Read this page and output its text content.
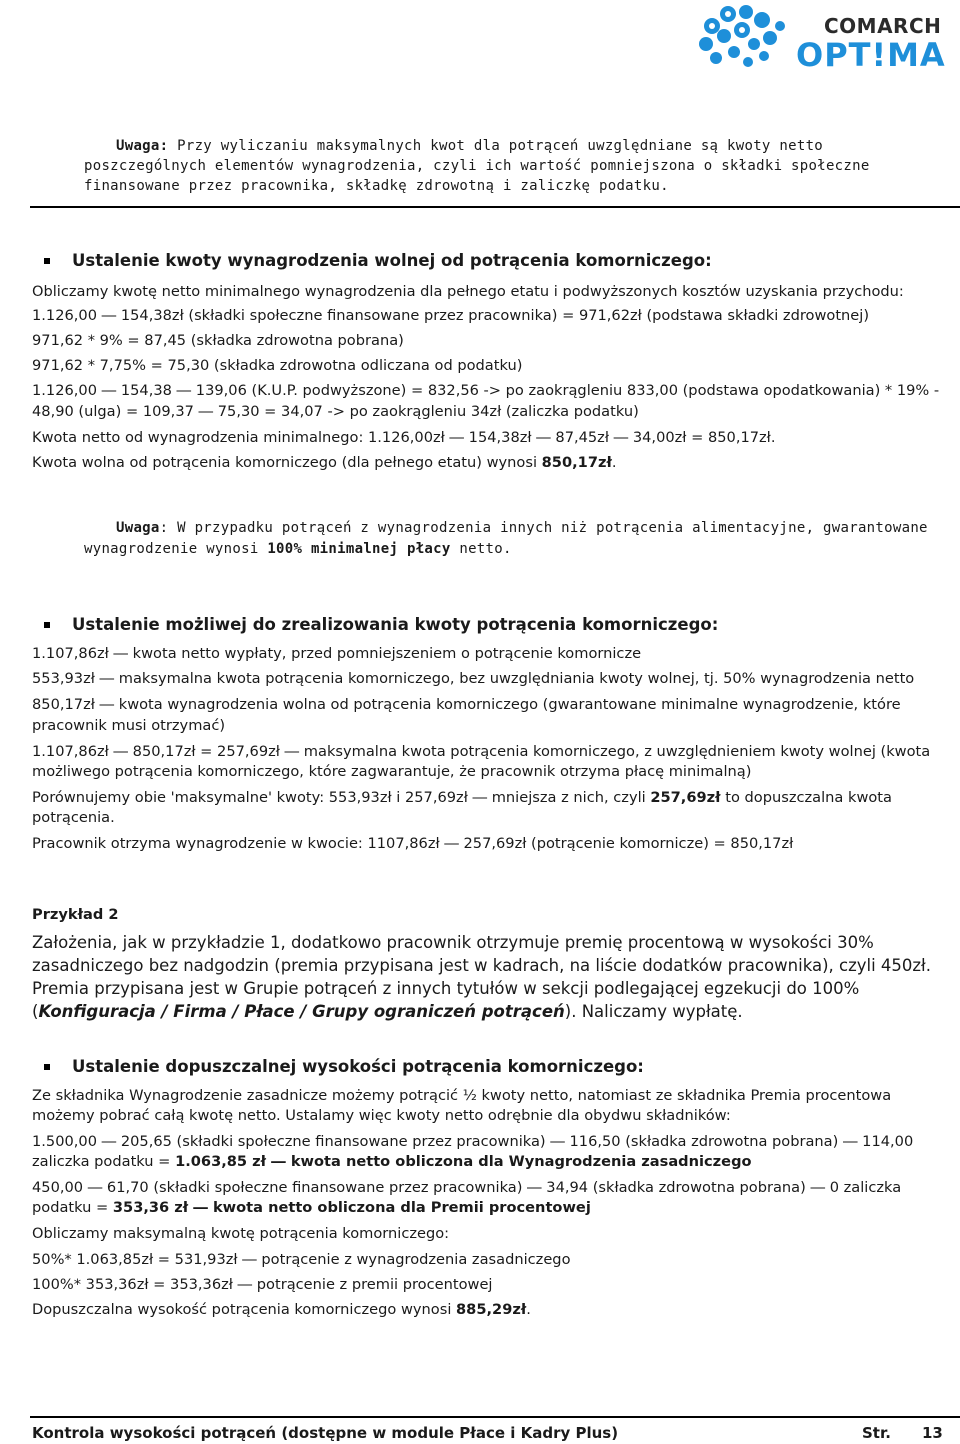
COMARCH
OPT!MA
Uwaga: Przy wyliczaniu maksymalnych kwot dla potrąceń uwzględniane są kwoty netto
poszczególnych elementów wynagrodzenia, czyli ich wartość pomniejszona o składki społeczne
finansowane przez pracownika, składkę zdrowotną i zaliczkę podatku.
Ustalenie kwoty wynagrodzenia wolnej od potrącenia komorniczego:
Obliczamy kwotę netto minimalnego wynagrodzenia dla pełnego etatu i podwyższonych kosztów uzyskania przychodu:
1.126,00 ― 154,38zł (składki społeczne finansowane przez pracownika) = 971,62zł (podstawa składki zdrowotnej)
971,62 * 9% = 87,45 (składka zdrowotna pobrana)
971,62 * 7,75% = 75,30 (składka zdrowotna odliczana od podatku)
1.126,00 ― 154,38 ― 139,06 (K.U.P. podwyższone) = 832,56 -> po zaokrągleniu 833,00 (podstawa opodatkowania) * 19% -
48,90 (ulga) = 109,37 ― 75,30 = 34,07 -> po zaokrągleniu 34zł (zaliczka podatku)
Kwota netto od wynagrodzenia minimalnego: 1.126,00zł ― 154,38zł ― 87,45zł ― 34,00zł = 850,17zł.
Kwota wolna od potrącenia komorniczego (dla pełnego etatu) wynosi 850,17zł.
Uwaga: W przypadku potrąceń z wynagrodzenia innych niż potrącenia alimentacyjne, gwarantowane
wynagrodzenie wynosi 100% minimalnej płacy netto.
Ustalenie możliwej do zrealizowania kwoty potrącenia komorniczego:
1.107,86zł ― kwota netto wypłaty, przed pomniejszeniem o potrącenie komornicze
553,93zł ― maksymalna kwota potrącenia komorniczego, bez uwzględniania kwoty wolnej, tj. 50% wynagrodzenia netto
850,17zł ― kwota wynagrodzenia wolna od potrącenia komorniczego (gwarantowane minimalne wynagrodzenie, które
pracownik musi otrzymać)
1.107,86zł ― 850,17zł = 257,69zł ― maksymalna kwota potrącenia komorniczego, z uwzględnieniem kwoty wolnej (kwota
możliwego potrącenia komorniczego, które zagwarantuje, że pracownik otrzyma płacę minimalną)
Porównujemy obie 'maksymalne' kwoty: 553,93zł i 257,69zł ― mniejsza z nich, czyli 257,69zł to dopuszczalna kwota
potrącenia.
Pracownik otrzyma wynagrodzenie w kwocie: 1107,86zł ― 257,69zł (potrącenie komornicze) = 850,17zł
Przykład 2
Założenia, jak w przykładzie 1, dodatkowo pracownik otrzymuje premię procentową w wysokości 30%
zasadniczego bez nadgodzin (premia przypisana jest w kadrach, na liście dodatków pracownika), czyli 450zł.
Premia przypisana jest w Grupie potrąceń z innych tytułów w sekcji podlegającej egzekucji do 100%
(Konfiguracja / Firma / Płace / Grupy ograniczeń potrąceń). Naliczamy wypłatę.
Ustalenie dopuszczalnej wysokości potrącenia komorniczego:
Ze składnika Wynagrodzenie zasadnicze możemy potrącić ½ kwoty netto, natomiast ze składnika Premia procentowa
możemy pobrać całą kwotę netto. Ustalamy więc kwoty netto odrębnie dla obydwu składników:
1.500,00 ― 205,65 (składki społeczne finansowane przez pracownika) ― 116,50 (składka zdrowotna pobrana) ― 114,00
zaliczka podatku = 1.063,85 zł ― kwota netto obliczona dla Wynagrodzenia zasadniczego
450,00 ― 61,70 (składki społeczne finansowane przez pracownika) ― 34,94 (składka zdrowotna pobrana) ― 0 zaliczka
podatku = 353,36 zł ― kwota netto obliczona dla Premii procentowej
Obliczamy maksymalną kwotę potrącenia komorniczego:
50%* 1.063,85zł = 531,93zł ― potrącenie z wynagrodzenia zasadniczego
100%* 353,36zł = 353,36zł ― potrącenie z premii procentowej
Dopuszczalna wysokość potrącenia komorniczego wynosi 885,29zł.
Kontrola wysokości potrąceń (dostępne w module Płace i Kadry Plus)	Str. 13
